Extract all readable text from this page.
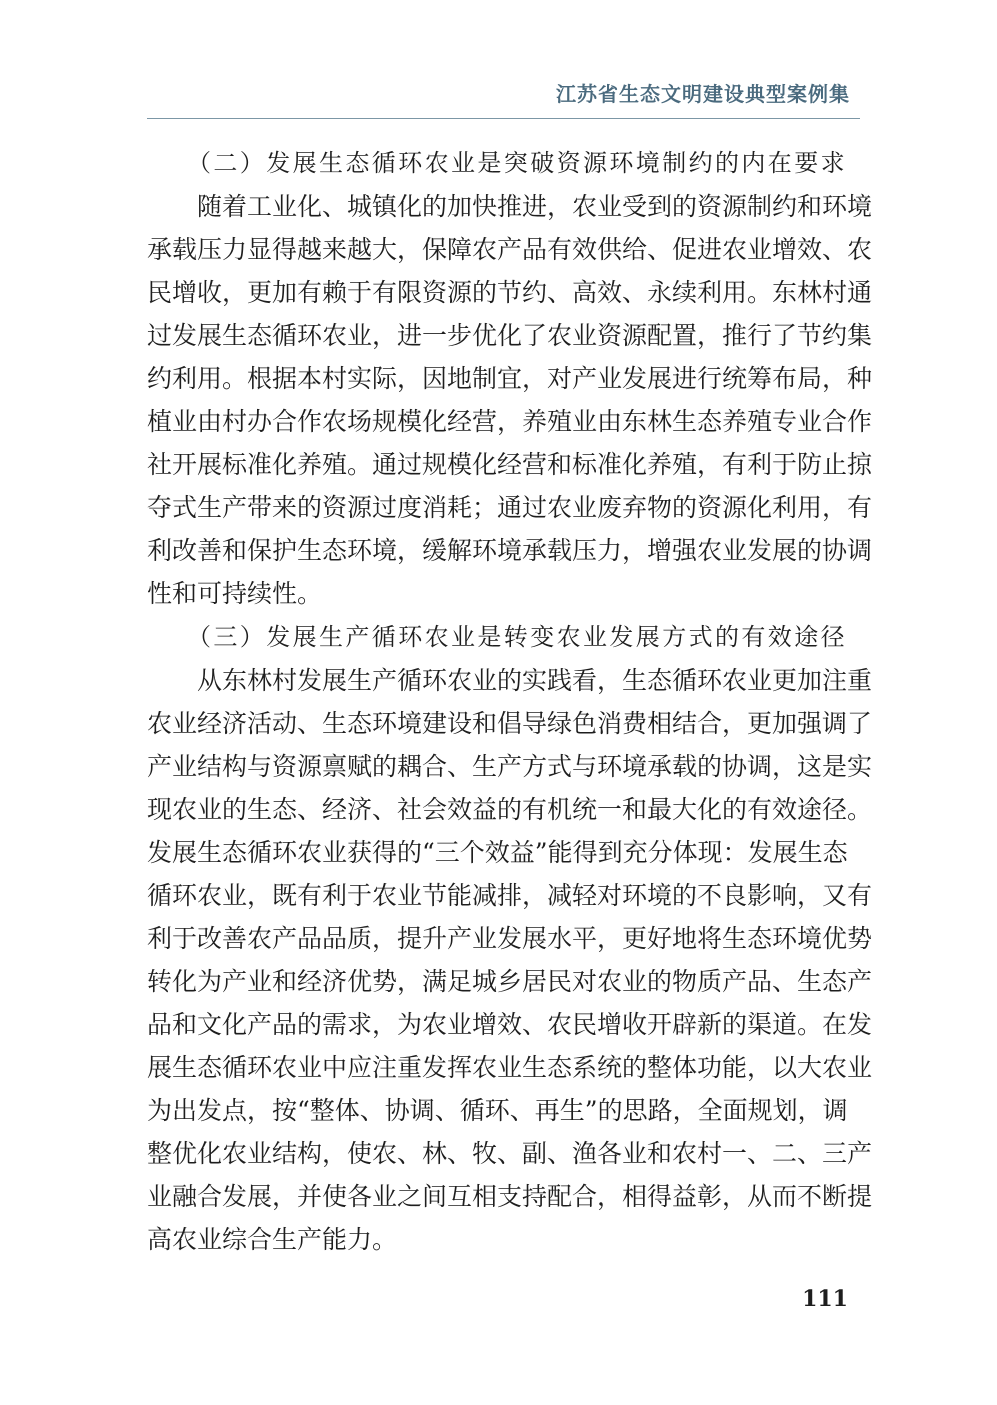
江苏省生态文明建设典型案例集
（二）发展生态循环农业是突破资源环境制约的内在要求
随着工业化、城镇化的加快推进，农业受到的资源制约和环境
承载压力显得越来越大，保障农产品有效供给、促进农业增效、农
民增收，更加有赖于有限资源的节约、高效、永续利用。东林村通
过发展生态循环农业，进一步优化了农业资源配置，推行了节约集
约利用。根据本村实际，因地制宜，对产业发展进行统筹布局，种
植业由村办合作农场规模化经营，养殖业由东林生态养殖专业合作
社开展标准化养殖。通过规模化经营和标准化养殖，有利于防止掠
夺式生产带来的资源过度消耗；通过农业废弃物的资源化利用，有
利改善和保护生态环境，缓解环境承载压力，增强农业发展的协调
性和可持续性。
（三）发展生产循环农业是转变农业发展方式的有效途径
从东林村发展生产循环农业的实践看，生态循环农业更加注重
农业经济活动、生态环境建设和倡导绿色消费相结合，更加强调了
产业结构与资源禀赋的耦合、生产方式与环境承载的协调，这是实
现农业的生态、经济、社会效益的有机统一和最大化的有效途径。
发展生态循环农业获得的“三个效益”能得到充分体现：发展生态
循环农业，既有利于农业节能减排，减轻对环境的不良影响，又有
利于改善农产品品质，提升产业发展水平，更好地将生态环境优势
转化为产业和经济优势，满足城乡居民对农业的物质产品、生态产
品和文化产品的需求，为农业增效、农民增收开辟新的渠道。在发
展生态循环农业中应注重发挥农业生态系统的整体功能，以大农业
为出发点，按“整体、协调、循环、再生”的思路，全面规划，调
整优化农业结构，使农、林、牧、副、渔各业和农村一、二、三产
业融合发展，并使各业之间互相支持配合，相得益彰，从而不断提
高农业综合生产能力。
111
